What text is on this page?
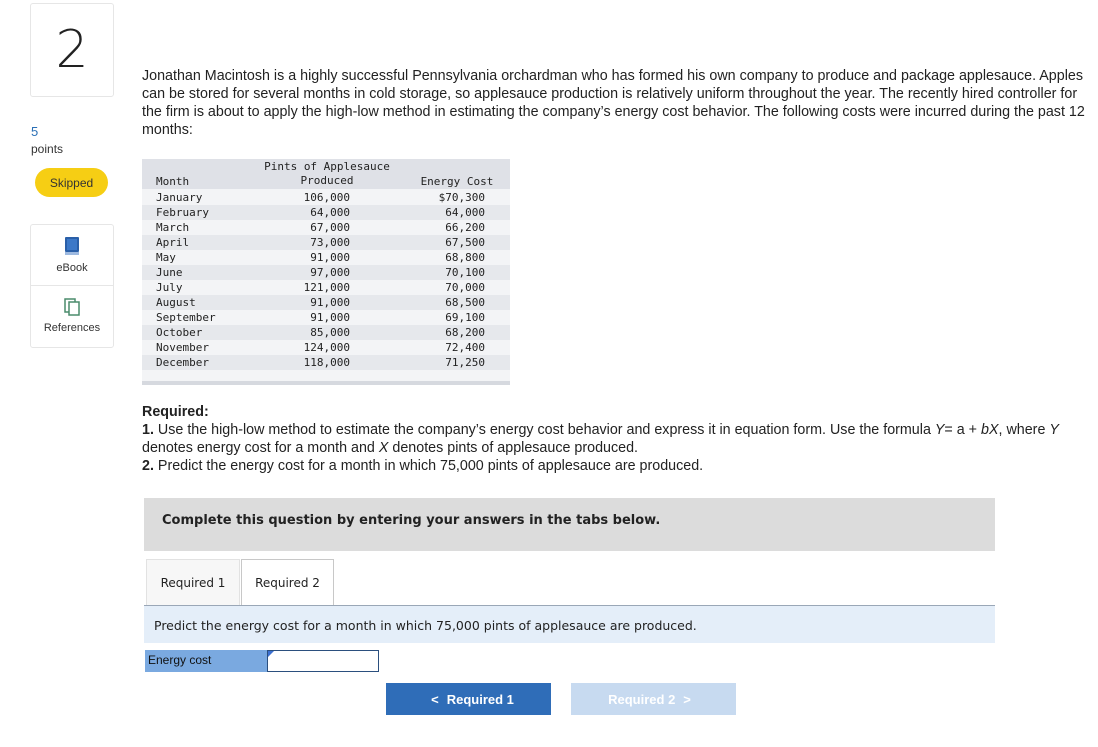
2
5
points
Skipped
eBook
References
Jonathan Macintosh is a highly successful Pennsylvania orchardman who has formed his own company to produce and package applesauce. Apples can be stored for several months in cold storage, so applesauce production is relatively uniform throughout the year. The recently hired controller for the firm is about to apply the high-low method in estimating the company’s energy cost behavior. The following costs were incurred during the past 12 months:
Pints of Applesauce
Produced
Month	Energy Cost
January	106,000	$70,300
February	64,000	64,000
March	67,000	66,200
April	73,000	67,500
May	91,000	68,800
June	97,000	70,100
July	121,000	70,000
August	91,000	68,500
September	91,000	69,100
October	85,000	68,200
November	124,000	72,400
December	118,000	71,250
Required:
1. Use the high-low method to estimate the company’s energy cost behavior and express it in equation form. Use the formula Y= a + bX, where Y denotes energy cost for a month and X denotes pints of applesauce produced.
2. Predict the energy cost for a month in which 75,000 pints of applesauce are produced.
Complete this question by entering your answers in the tabs below.
Required 1	Required 2
Predict the energy cost for a month in which 75,000 pints of applesauce are produced.
Energy cost
< Required 1	Required 2 >
